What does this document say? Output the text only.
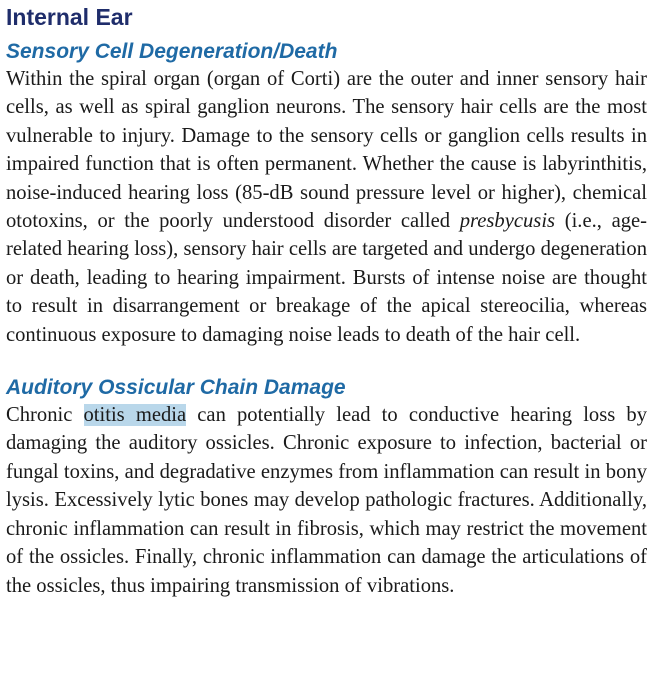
Internal Ear
Sensory Cell Degeneration/Death

Within the spiral organ (organ of Corti) are the outer and inner sensory hair cells, as well as spiral ganglion neurons. The sensory hair cells are the most vulnerable to injury. Damage to the sensory cells or ganglion cells results in impaired function that is often permanent. Whether the cause is labyrinthitis, noise-induced hearing loss (85-dB sound pressure level or higher), chemical ototoxins, or the poorly understood disorder called presbycusis (i.e., age-related hearing loss), sensory hair cells are targeted and undergo degeneration or death, leading to hearing impairment. Bursts of intense noise are thought to result in disarrangement or breakage of the apical stereocilia, whereas continuous exposure to damaging noise leads to death of the hair cell.

Auditory Ossicular Chain Damage

Chronic otitis media can potentially lead to conductive hearing loss by damaging the auditory ossicles. Chronic exposure to infection, bacterial or fungal toxins, and degradative enzymes from inflammation can result in bony lysis. Excessively lytic bones may develop pathologic fractures. Additionally, chronic inflammation can result in fibrosis, which may restrict the movement of the ossicles. Finally, chronic inflammation can damage the articulations of the ossicles, thus impairing transmission of vibrations.
